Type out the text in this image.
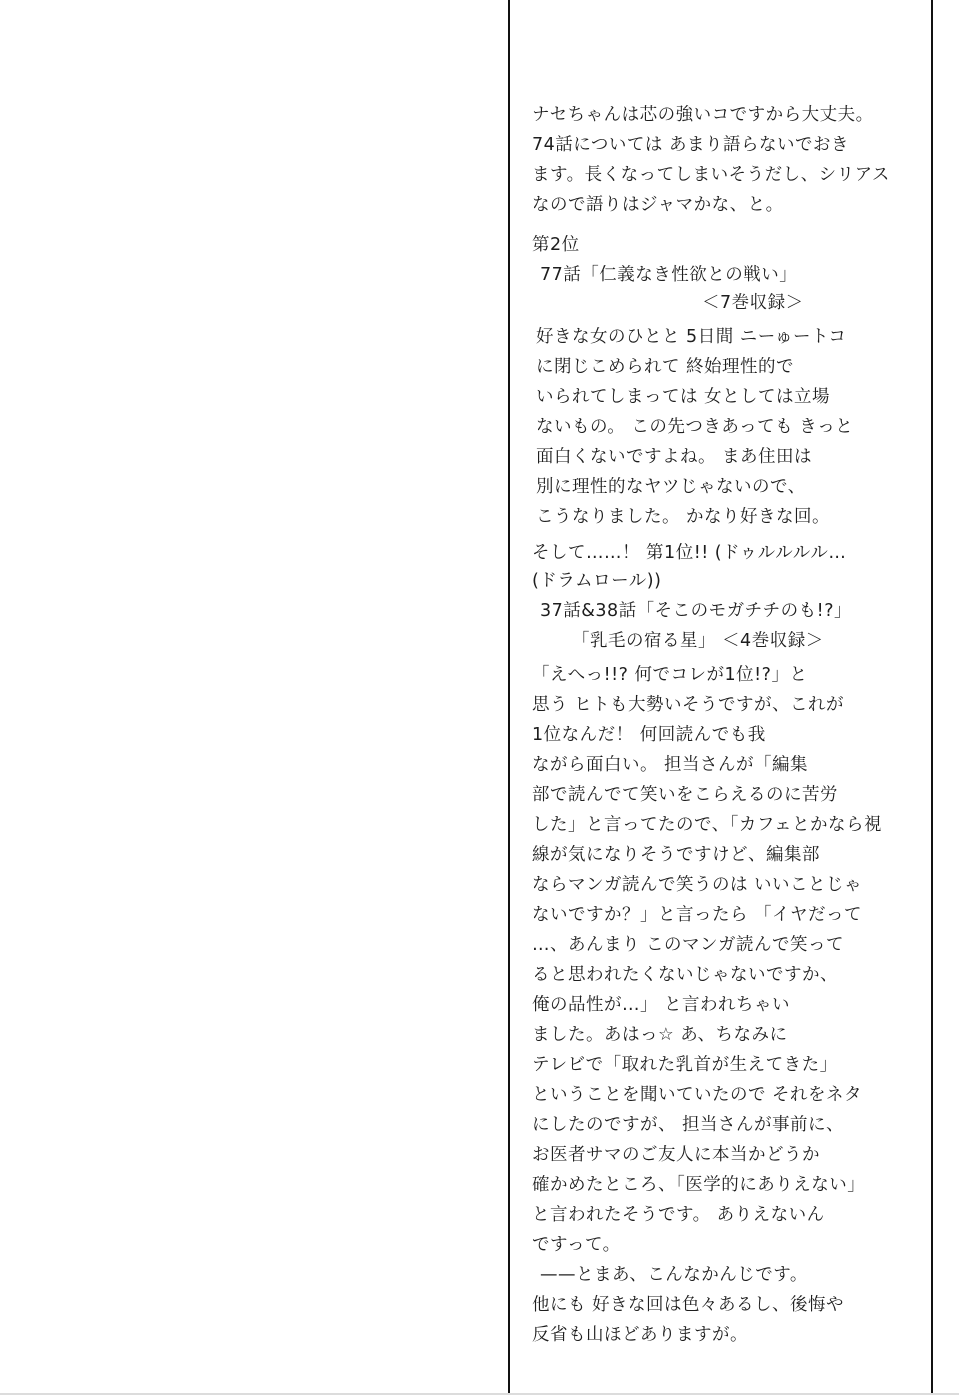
ナセちゃんは芯の強いコですから大丈夫。
74話については あまり語らないでおき
ます。長くなってしまいそうだし、シリアス
なので語りはジャマかな、と。
第2位
77話「仁義なき性欲との戦い」
＜7巻収録＞
好きな女のひとと 5日間 ニーゅートコ
に閉じこめられて 終始理性的で
いられてしまっては 女としては立場
ないもの。 この先つきあっても きっと
面白くないですよね。 まあ住田は
別に理性的なヤツじゃないので、
こうなりました。 かなり好きな回。
そして……！ 第1位!! (ドゥルルルル…
(ドラムロール))
37話&38話「そこのモガチチのも!?」
「乳毛の宿る星」 ＜4巻収録＞
「えへっ!!? 何でコレが1位!?」と
思う ヒトも大勢いそうですが、これが
1位なんだ！ 何回読んでも我
ながら面白い。 担当さんが「編集
部で読んでて笑いをこらえるのに苦労
した」と言ってたので、「カフェとかなら視
線が気になりそうですけど、編集部
ならマンガ読んで笑うのは いいことじゃ
ないですか？」と言ったら 「イヤだって
…、あんまり このマンガ読んで笑って
ると思われたくないじゃないですか、
俺の品性が…」 と言われちゃい
ました。あはっ☆ あ、ちなみに
テレビで「取れた乳首が生えてきた」
ということを聞いていたので それをネタ
にしたのですが、 担当さんが事前に、
お医者サマのご友人に本当かどうか
確かめたところ、「医学的にありえない」
と言われたそうです。 ありえないん
ですって。
——とまあ、こんなかんじです。
他にも 好きな回は色々あるし、後悔や
反省も山ほどありますが。
